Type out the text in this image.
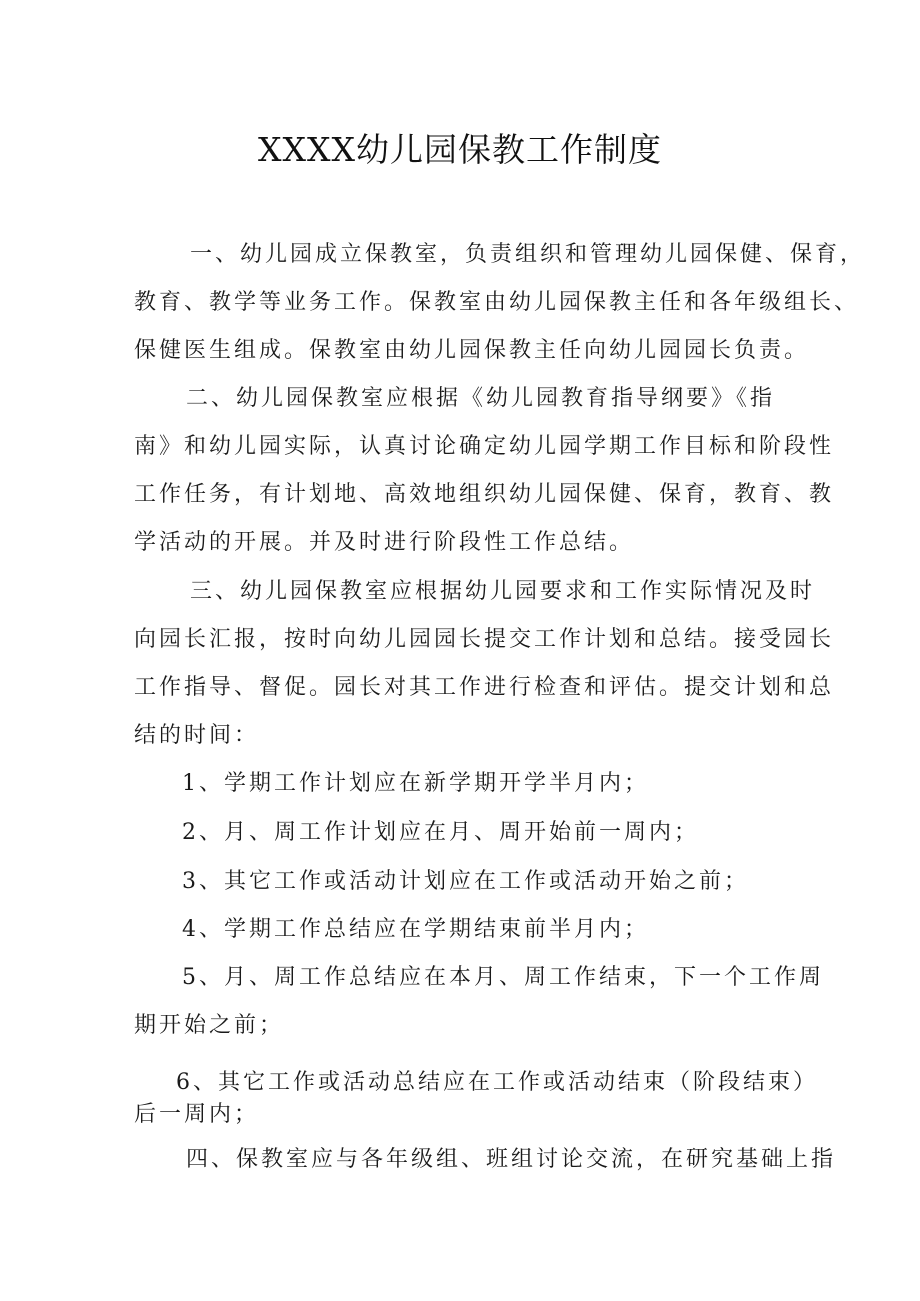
XXXX幼儿园保教工作制度
一、幼儿园成立保教室，负责组织和管理幼儿园保健、保育，
教育、教学等业务工作。保教室由幼儿园保教主任和各年级组长、
保健医生组成。保教室由幼儿园保教主任向幼儿园园长负责。
二、幼儿园保教室应根据《幼儿园教育指导纲要》《指
南》和幼儿园实际，认真讨论确定幼儿园学期工作目标和阶段性
工作任务，有计划地、高效地组织幼儿园保健、保育，教育、教
学活动的开展。并及时进行阶段性工作总结。
三、幼儿园保教室应根据幼儿园要求和工作实际情况及时
向园长汇报，按时向幼儿园园长提交工作计划和总结。接受园长
工作指导、督促。园长对其工作进行检查和评估。提交计划和总
结的时间：
1、学期工作计划应在新学期开学半月内；
2、月、周工作计划应在月、周开始前一周内；
3、其它工作或活动计划应在工作或活动开始之前；
4、学期工作总结应在学期结束前半月内；
5、月、周工作总结应在本月、周工作结束，下一个工作周
期开始之前；
6、其它工作或活动总结应在工作或活动结束（阶段结束）
后一周内；
四、保教室应与各年级组、班组讨论交流，在研究基础上指
